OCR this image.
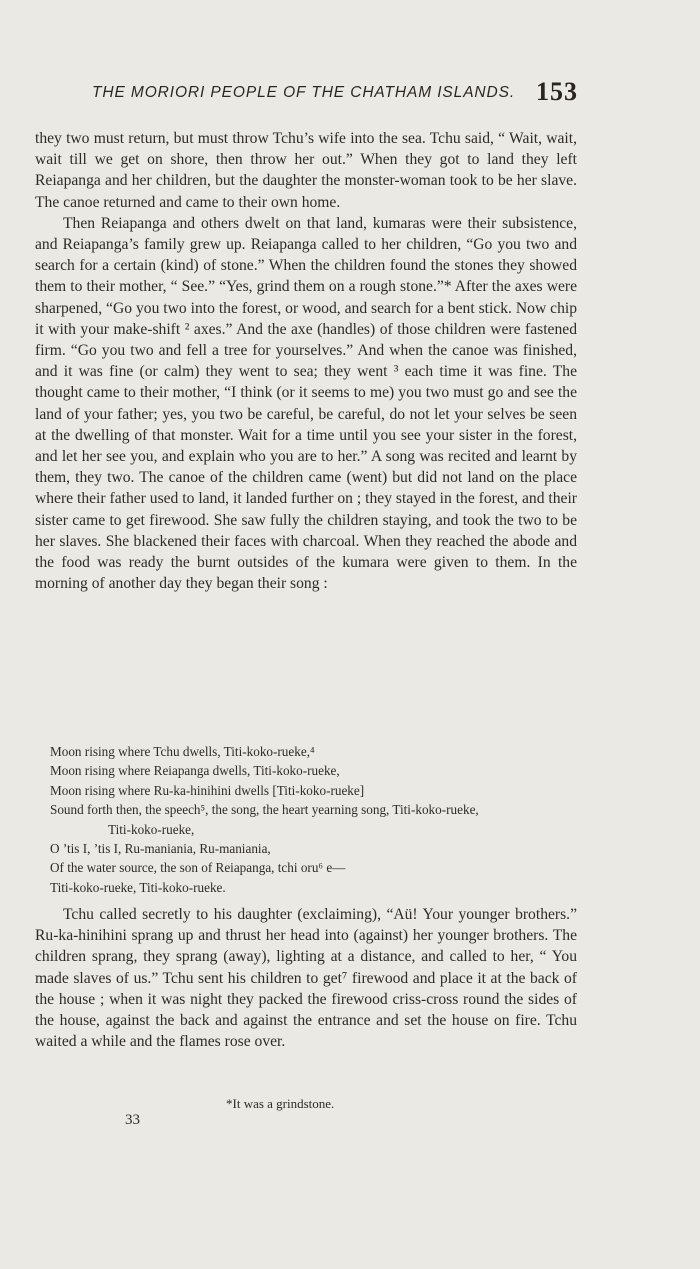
THE MORIORI PEOPLE OF THE CHATHAM ISLANDS. 153

they two must return, but must throw Tchu’s wife into the sea. Tchu said, “ Wait, wait, wait till we get on shore, then throw her out.” When they got to land they left Reiapanga and her children, but the daughter the monster-woman took to be her slave. The canoe returned and came to their own home.

Then Reiapanga and others dwelt on that land, kumaras were their subsistence, and Reiapanga’s family grew up. Reiapanga called to her children, “Go you two and search for a certain (kind) of stone.” When the children found the stones they showed them to their mother, “ See.” “Yes, grind them on a rough stone.”* After the axes were sharpened, “Go you two into the forest, or wood, and search for a bent stick. Now chip it with your make-shift ² axes.” And the axe (handles) of those children were fastened firm. “Go you two and fell a tree for yourselves.” And when the canoe was finished, and it was fine (or calm) they went to sea; they went ³ each time it was fine. The thought came to their mother, “I think (or it seems to me) you two must go and see the land of your father; yes, you two be careful, be careful, do not let your selves be seen at the dwelling of that monster. Wait for a time until you see your sister in the forest, and let her see you, and explain who you are to her.” A song was recited and learnt by them, they two. The canoe of the children came (went) but did not land on the place where their father used to land, it landed further on ; they stayed in the forest, and their sister came to get firewood. She saw fully the children staying, and took the two to be her slaves. She blackened their faces with charcoal. When they reached the abode and the food was ready the burnt outsides of the kumara were given to them. In the morning of another day they began their song :

Moon rising where Tchu dwells, Titi-koko-rueke,⁴
Moon rising where Reiapanga dwells, Titi-koko-rueke,
Moon rising where Ru-ka-hinihini dwells [Titi-koko-rueke]
Sound forth then, the speech⁵, the song, the heart yearning song, Titi-koko-rueke,
Titi-koko-rueke,
O ’tis I, ’tis I, Ru-maniania, Ru-maniania,
Of the water source, the son of Reiapanga, tchi oru⁶ e—
Titi-koko-rueke, Titi-koko-rueke.

Tchu called secretly to his daughter (exclaiming), “Aü! Your younger brothers.” Ru-ka-hinihini sprang up and thrust her head into (against) her younger brothers. The children sprang, they sprang (away), lighting at a distance, and called to her, “ You made slaves of us.” Tchu sent his children to get⁷ firewood and place it at the back of the house ; when it was night they packed the firewood criss-cross round the sides of the house, against the back and against the entrance and set the house on fire. Tchu waited a while and the flames rose over.

*It was a grindstone.
33
